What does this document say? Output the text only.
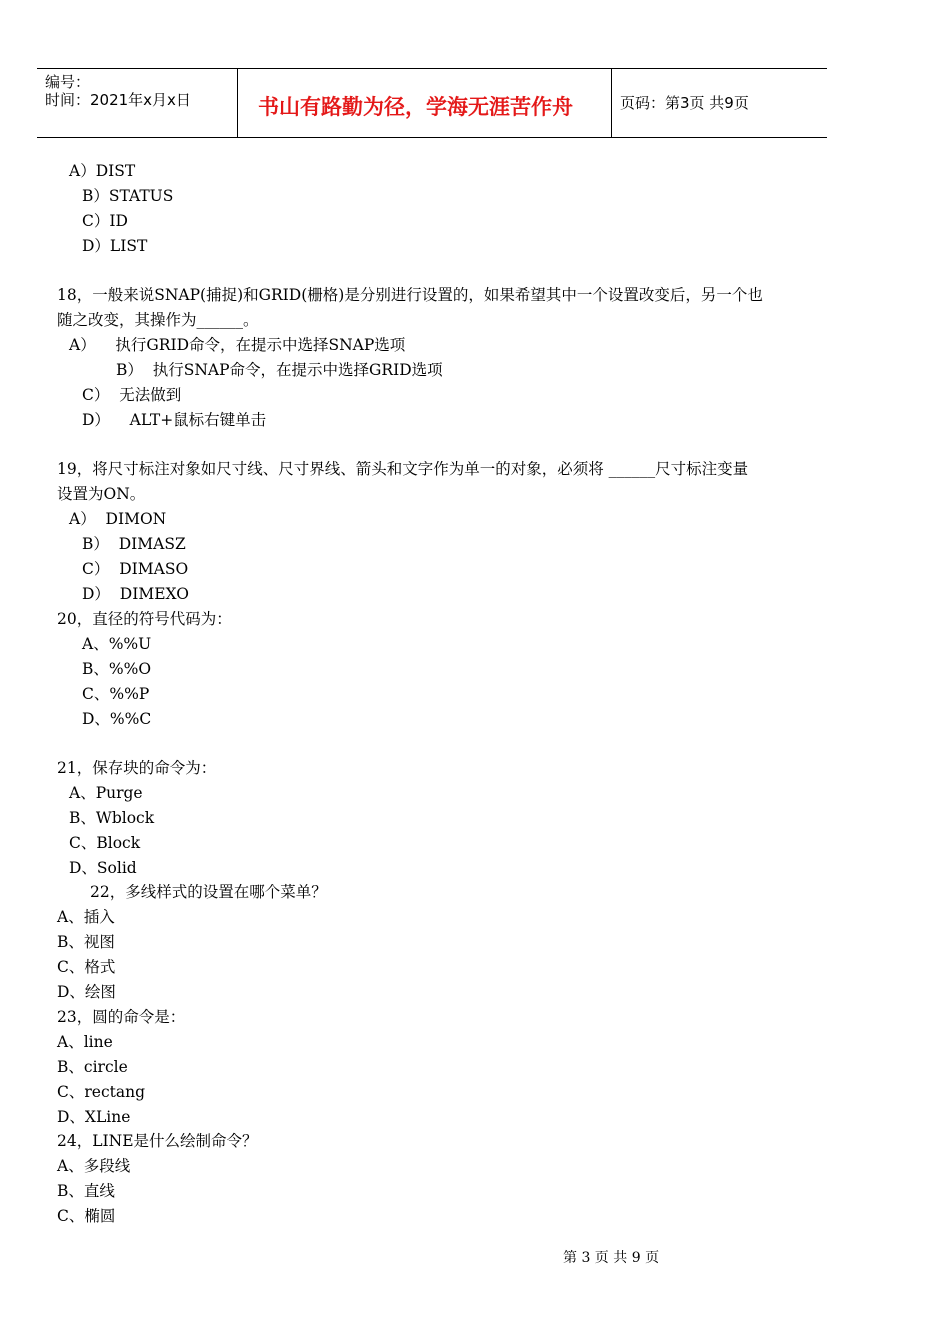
编号：
时间：2021年x月x日	书山有路勤为径，学海无涯苦作舟	页码：第3页 共9页
A）DIST
B）STATUS
C）ID
D）LIST
18，一般来说SNAP(捕捉)和GRID(栅格)是分别进行设置的，如果希望其中一个设置改变后，另一个也
随之改变，其操作为______。
A）    执行GRID命令，在提示中选择SNAP选项
B）  执行SNAP命令，在提示中选择GRID选项
C）  无法做到
D）    ALT+鼠标右键单击
19，将尺寸标注对象如尺寸线、尺寸界线、箭头和文字作为单一的对象，必须将 ______尺寸标注变量
设置为ON。
A）  DIMON
B）  DIMASZ
C）  DIMASO
D）  DIMEXO
20，直径的符号代码为：
A、%%U
B、%%O
C、%%P
D、%%C
21，保存块的命令为：
A、Purge
B、Wblock
C、Block
D、Solid
22，多线样式的设置在哪个菜单？
A、插入
B、视图
C、格式
D、绘图
23，圆的命令是：
A、line
B、circle
C、rectang
D、XLine
24，LINE是什么绘制命令？
A、多段线
B、直线
C、椭圆
第 3 页 共 9 页
